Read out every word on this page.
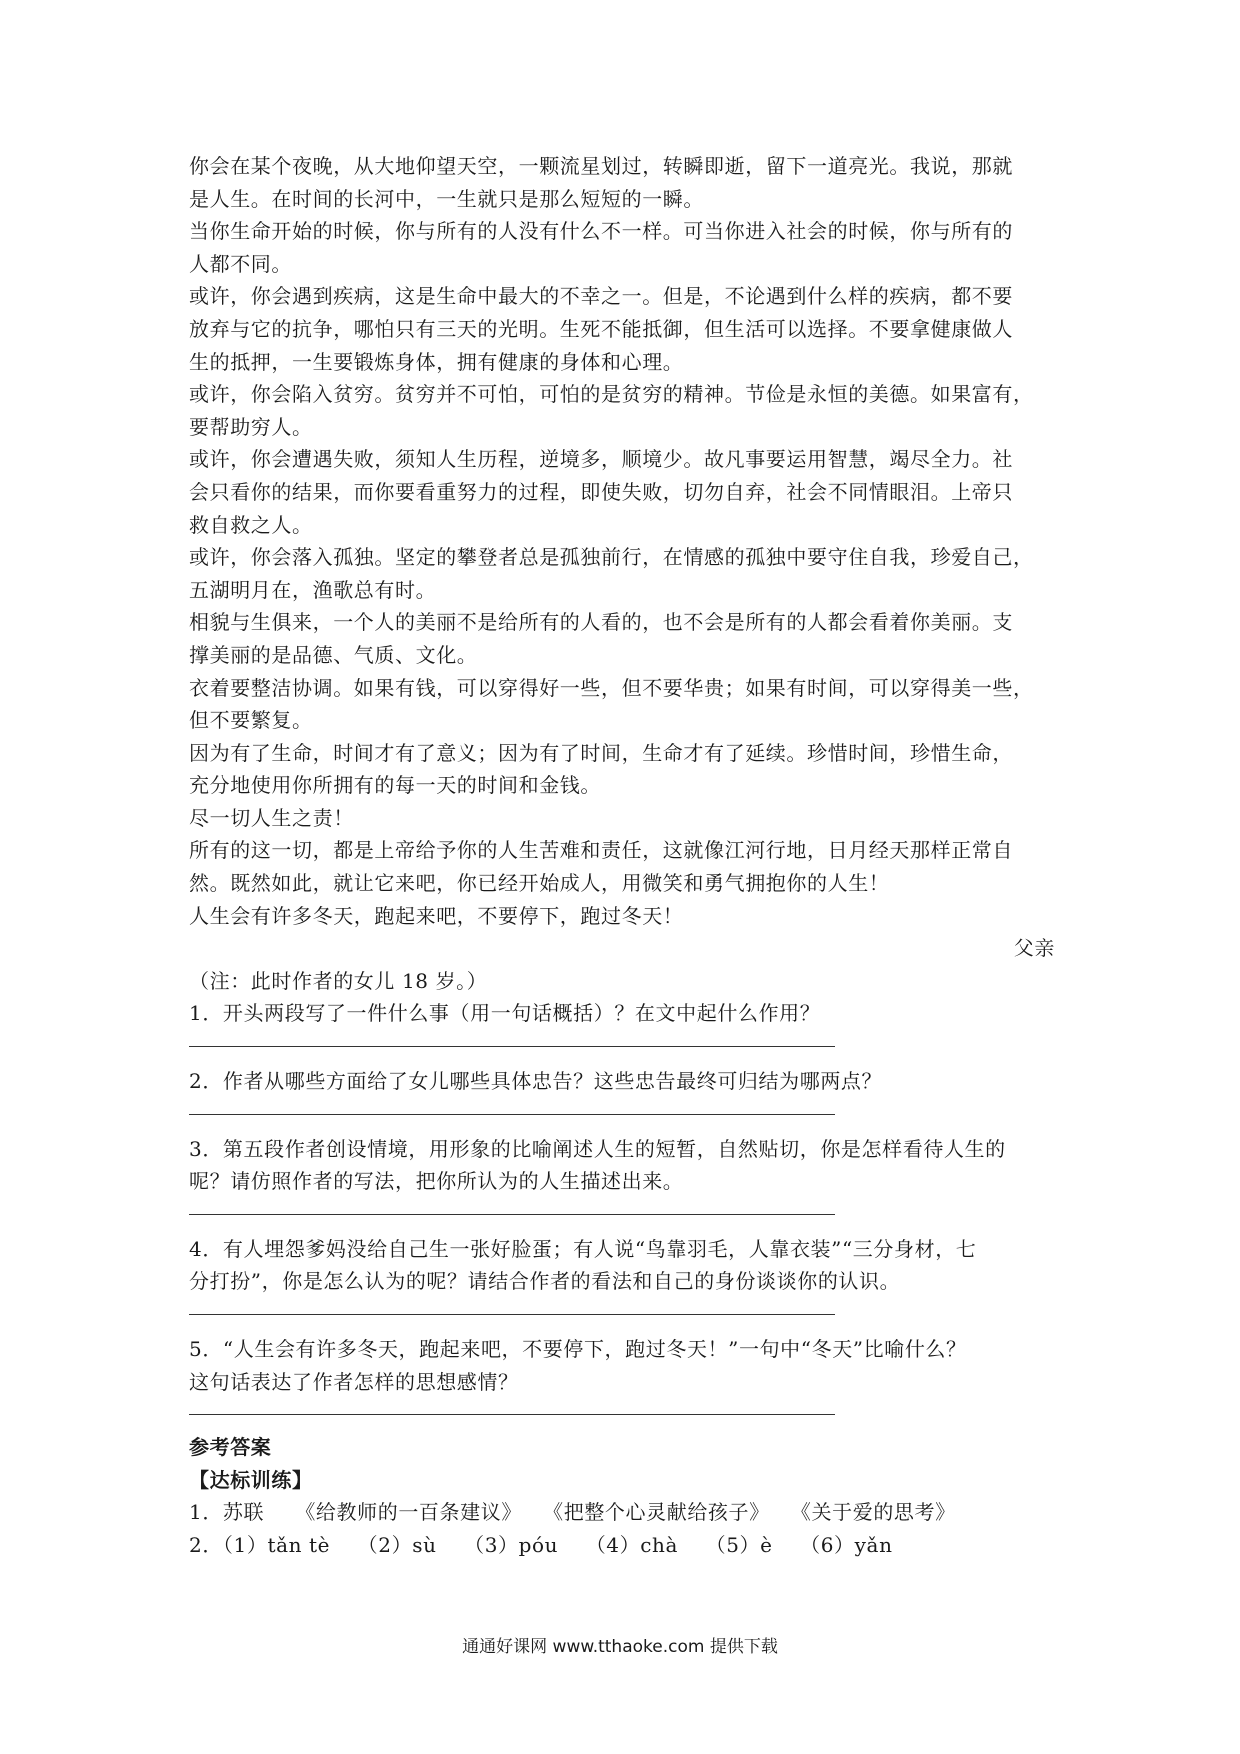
你会在某个夜晚，从大地仰望天空，一颗流星划过，转瞬即逝，留下一道亮光。我说，那就
是人生。在时间的长河中，一生就只是那么短短的一瞬。
当你生命开始的时候，你与所有的人没有什么不一样。可当你进入社会的时候，你与所有的
人都不同。
或许，你会遇到疾病，这是生命中最大的不幸之一。但是，不论遇到什么样的疾病，都不要
放弃与它的抗争，哪怕只有三天的光明。生死不能抵御，但生活可以选择。不要拿健康做人
生的抵押，一生要锻炼身体，拥有健康的身体和心理。
或许，你会陷入贫穷。贫穷并不可怕，可怕的是贫穷的精神。节俭是永恒的美德。如果富有，
要帮助穷人。
或许，你会遭遇失败，须知人生历程，逆境多，顺境少。故凡事要运用智慧，竭尽全力。社
会只看你的结果，而你要看重努力的过程，即使失败，切勿自弃，社会不同情眼泪。上帝只
救自救之人。
或许，你会落入孤独。坚定的攀登者总是孤独前行，在情感的孤独中要守住自我，珍爱自己，
五湖明月在，渔歌总有时。
相貌与生俱来，一个人的美丽不是给所有的人看的，也不会是所有的人都会看着你美丽。支
撑美丽的是品德、气质、文化。
衣着要整洁协调。如果有钱，可以穿得好一些，但不要华贵；如果有时间，可以穿得美一些，
但不要繁复。
因为有了生命，时间才有了意义；因为有了时间，生命才有了延续。珍惜时间，珍惜生命，
充分地使用你所拥有的每一天的时间和金钱。
尽一切人生之责！
所有的这一切，都是上帝给予你的人生苦难和责任，这就像江河行地，日月经天那样正常自
然。既然如此，就让它来吧，你已经开始成人，用微笑和勇气拥抱你的人生！
人生会有许多冬天，跑起来吧，不要停下，跑过冬天！
父亲
（注：此时作者的女儿 18 岁。）
1．开头两段写了一件什么事（用一句话概括）？在文中起什么作用？
2．作者从哪些方面给了女儿哪些具体忠告？这些忠告最终可归结为哪两点？
3．第五段作者创设情境，用形象的比喻阐述人生的短暂，自然贴切，你是怎样看待人生的
呢？请仿照作者的写法，把你所认为的人生描述出来。
4．有人埋怨爹妈没给自己生一张好脸蛋；有人说“鸟靠羽毛，人靠衣装”“三分身材，七
分打扮”，你是怎么认为的呢？请结合作者的看法和自己的身份谈谈你的认识。
5．“人生会有许多冬天，跑起来吧，不要停下，跑过冬天！”一句中“冬天”比喻什么？
这句话表达了作者怎样的思想感情？
参考答案
【达标训练】
1．苏联　　《给教师的一百条建议》　　《把整个心灵献给孩子》　　《关于爱的思考》
2．（1）tǎn tè　 （2）sù　 （3）póu　 （4）chà　 （5）è　 （6）yǎn
通通好课网 www.tthaoke.com 提供下载
